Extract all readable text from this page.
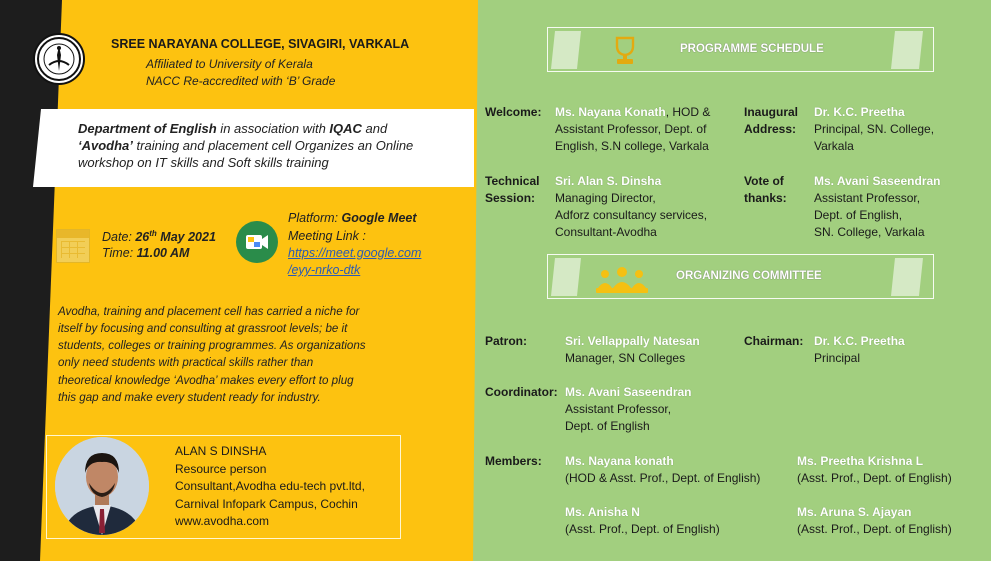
SREE NARAYANA COLLEGE, SIVAGIRI, VARKALA
Affiliated to University of Kerala
NACC Re-accredited with ‘B’ Grade
Department of English in association with IQAC and ‘Avodha’ training and placement cell Organizes an Online workshop on IT skills and Soft skills training
Date: 26th May 2021
Time: 11.00 AM
Platform: Google Meet
Meeting Link :
https://meet.google.com
/eyy-nrko-dtk
Avodha, training and placement cell has carried a niche for
itself by focusing and consulting at grassroot levels; be it
students, colleges or training programmes. As organizations
only need students with practical skills rather than
theoretical knowledge ‘Avodha’ makes every effort to plug
this gap and make every student ready for industry.
ALAN S DINSHA
Resource person
Consultant,Avodha edu-tech pvt.ltd,
Carnival Infopark Campus, Cochin
www.avodha.com
PROGRAMME SCHEDULE
Welcome: Ms. Nayana Konath, HOD &
Assistant Professor, Dept. of
English, S.N college, Varkala
Inaugural
Address:
Dr. K.C. Preetha
Principal, SN. College,
Varkala
Technical
Session:
Sri. Alan S. Dinsha
Managing Director,
Adforz consultancy services,
Consultant-Avodha
Vote of
thanks:
Ms. Avani Saseendran
Assistant Professor,
Dept. of English,
SN. College, Varkala
ORGANIZING COMMITTEE
Patron:	Sri. Vellappally Natesan
Manager, SN Colleges
Chairman: Dr. K.C. Preetha
Principal
Coordinator: Ms. Avani Saseendran
Assistant Professor,
Dept. of English
Members: Ms. Nayana konath
(HOD & Asst. Prof., Dept. of English)
Ms. Preetha Krishna L
(Asst. Prof., Dept. of English)
Ms. Anisha N
(Asst. Prof., Dept. of English)
Ms. Aruna S. Ajayan
(Asst. Prof., Dept. of English)
